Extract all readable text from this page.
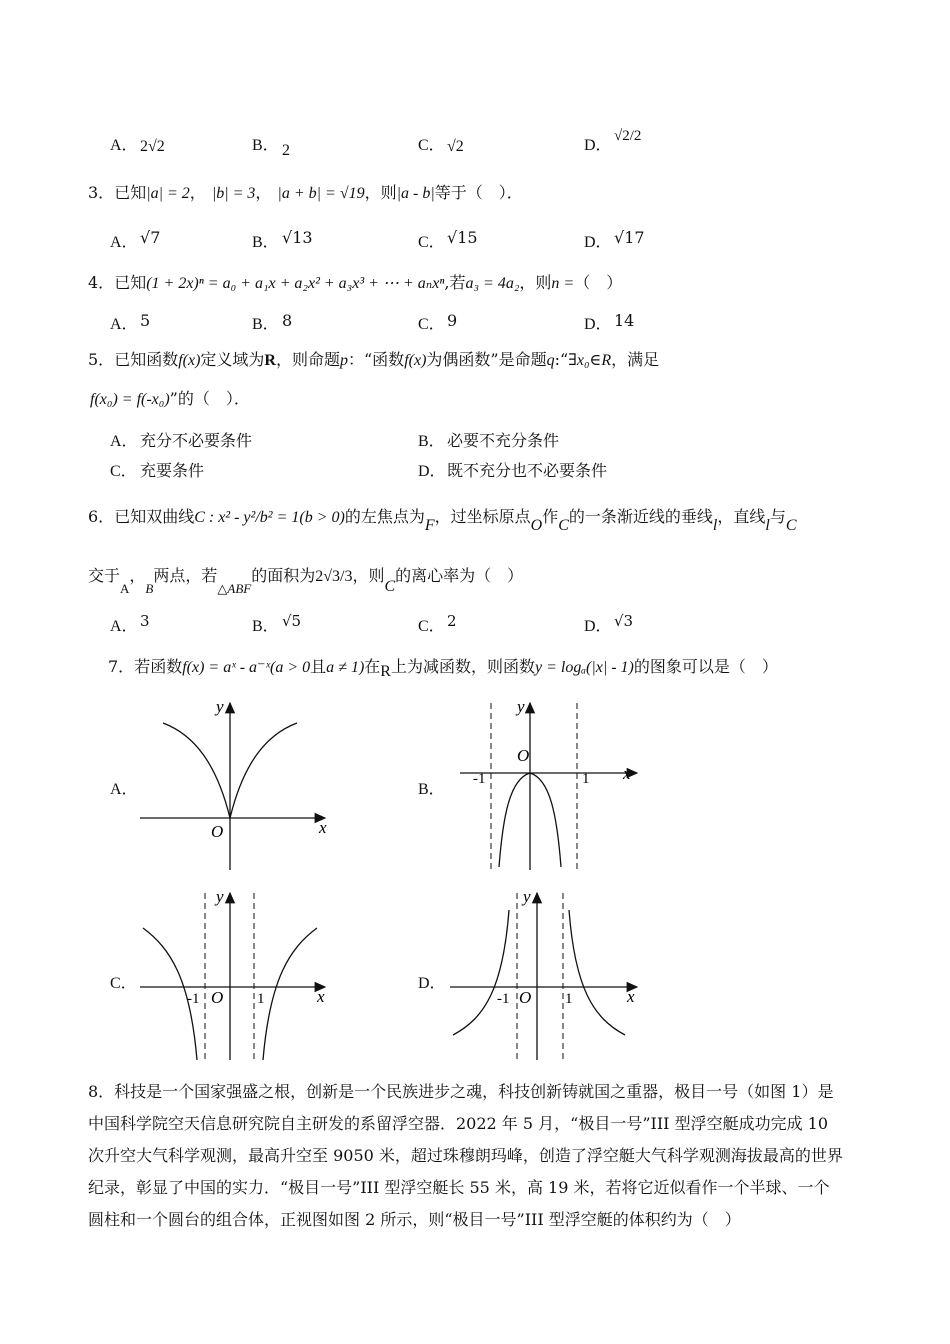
A． 2√2	B． 2	C． √2	D．
√2/2
3．已知|a| = 2， |b| = 3， |a + b| = √19，则|a - b|等于（　）．
A． √7	B． √13	C． √15	D． √17
4．已知(1 + 2x)ⁿ = a₀ + a₁x + a₂x² + a₃x³ + ⋯ + aₙxⁿ,若a₃ = 4a₂，则n =（　）
A． 5	B． 8	C． 9	D． 14
5．已知函数f(x)定义域为R，则命题p：“函数f(x)为偶函数”是命题q:“∃x₀∈R，满足
f(x₀) = f(-x₀)”的（　）．
A． 充分不必要条件	B． 必要不充分条件
C． 充要条件	D． 既不充分也不必要条件
6．已知双曲线C : x² - y²/b² = 1(b > 0)的左焦点为F，过坐标原点O作C的一条渐近线的垂线l，直线l与C
交于$_A$，$_B$两点，若$_{\triangle ABF}$的面积为2√3/3，则C的离心率为（　）
A． 3	B． √5	C． 2	D． √3
7．若函数f(x) = aˣ - a⁻ˣ(a > 0且a ≠ 1)在R上为减函数，则函数y = logₐ(|x| - 1)的图象可以是（　）
A．	B．
C．	D．
y
x
O
y
x
O
-1	1
y
x
O
-1	1
y
x
O
-1	1
8．科技是一个国家强盛之根，创新是一个民族进步之魂，科技创新铸就国之重器，极目一号（如图 1）是
中国科学院空天信息研究院自主研发的系留浮空器．2022 年 5 月，“极目一号”III 型浮空艇成功完成 10
次升空大气科学观测，最高升空至 9050 米，超过珠穆朗玛峰，创造了浮空艇大气科学观测海拔最高的世界
纪录，彰显了中国的实力．“极目一号”III 型浮空艇长 55 米，高 19 米，若将它近似看作一个半球、一个
圆柱和一个圆台的组合体，正视图如图 2 所示，则“极目一号”III 型浮空艇的体积约为（　）
